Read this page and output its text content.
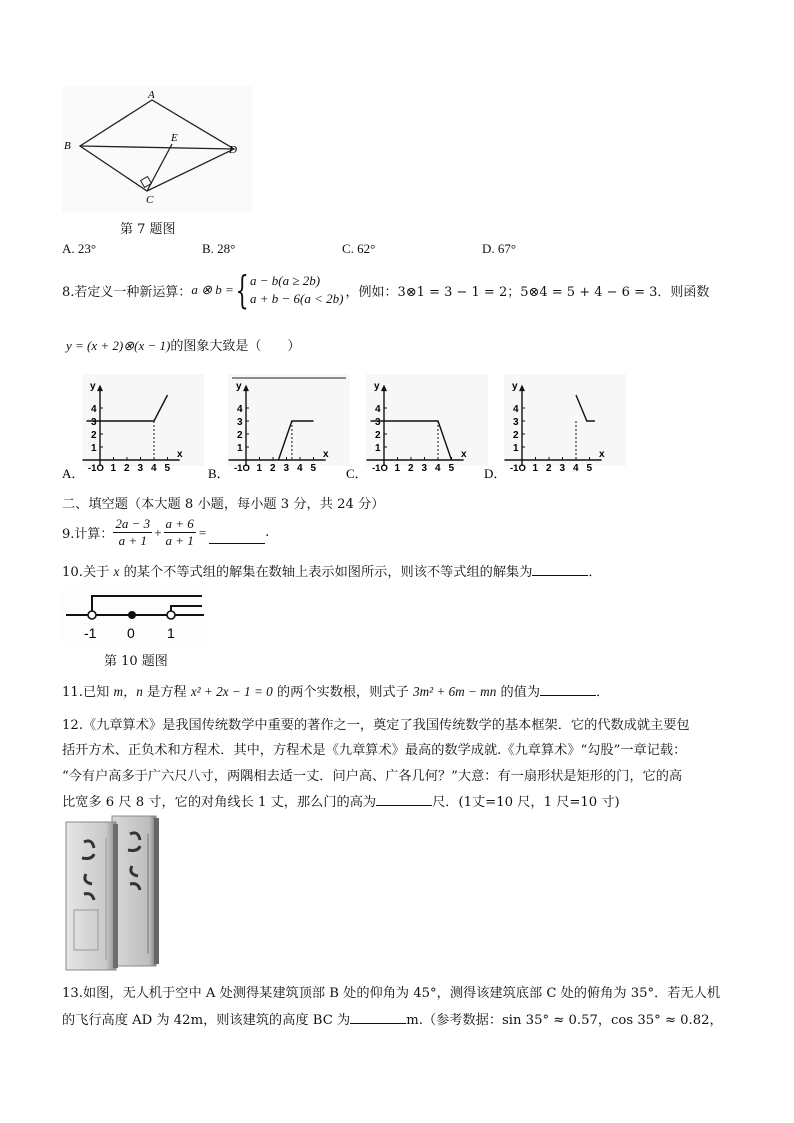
A
B
C
D
E
第 7 题图
A. 23°	B. 28°	C. 62°	D. 67°
8.若定义一种新运算： a ⊗ b = { a − b(a ≥ 2b)
a + b − 6(a < 2b) ，例如：3⊗1 = 3 − 1 = 2；5⊗4 = 5 + 4 − 6 = 3．则函数
y = (x + 2)⊗(x − 1)的图象大致是（　　）
1
2
3
4
1 2 3 4 5
y
x
-1O
A．
1
2
3
4
1 2 3 4 5
y
x
-1O
B．
1
2
3
4
1 2 3 4 5
y
x
-1O
C．
1
2
3
4
1 2 3 4 5
y
x
-1O
D．
二、填空题（本大题 8 小题，每小题 3 分，共 24 分）
9.计算： $\frac{2a - 3}{a + 1} + \frac{a + 6}{a + 1}$ =	.
10.关于 x 的某个不等式组的解集在数轴上表示如图所示，则该不等式组的解集为	．
-1 0 1
第 10 题图
11.已知 m，n 是方程 x² + 2x − 1 = 0 的两个实数根，则式子 3m² + 6m − mn 的值为	．
12.《九章算术》是我国传统数学中重要的著作之一，奠定了我国传统数学的基本框架．它的代数成就主要包
括开方术、正负术和方程术．其中，方程术是《九章算术》最高的数学成就.《九章算术》“勾股”一章记载：
“今有户高多于广六尺八寸，两隅相去适一丈．问户高、广各几何？”大意：有一扇形状是矩形的门，它的高
比宽多 6 尺 8 寸，它的对角线长 1 丈，那么门的高为	尺．(1丈=10 尺，1 尺=10 寸)
13.如图，无人机于空中 A 处测得某建筑顶部 B 处的仰角为 45°，测得该建筑底部 C 处的俯角为 35°．若无人机
的飞行高度 AD 为 42m，则该建筑的高度 BC 为	m.（参考数据：sin 35° ≈ 0.57，cos 35° ≈ 0.82，
